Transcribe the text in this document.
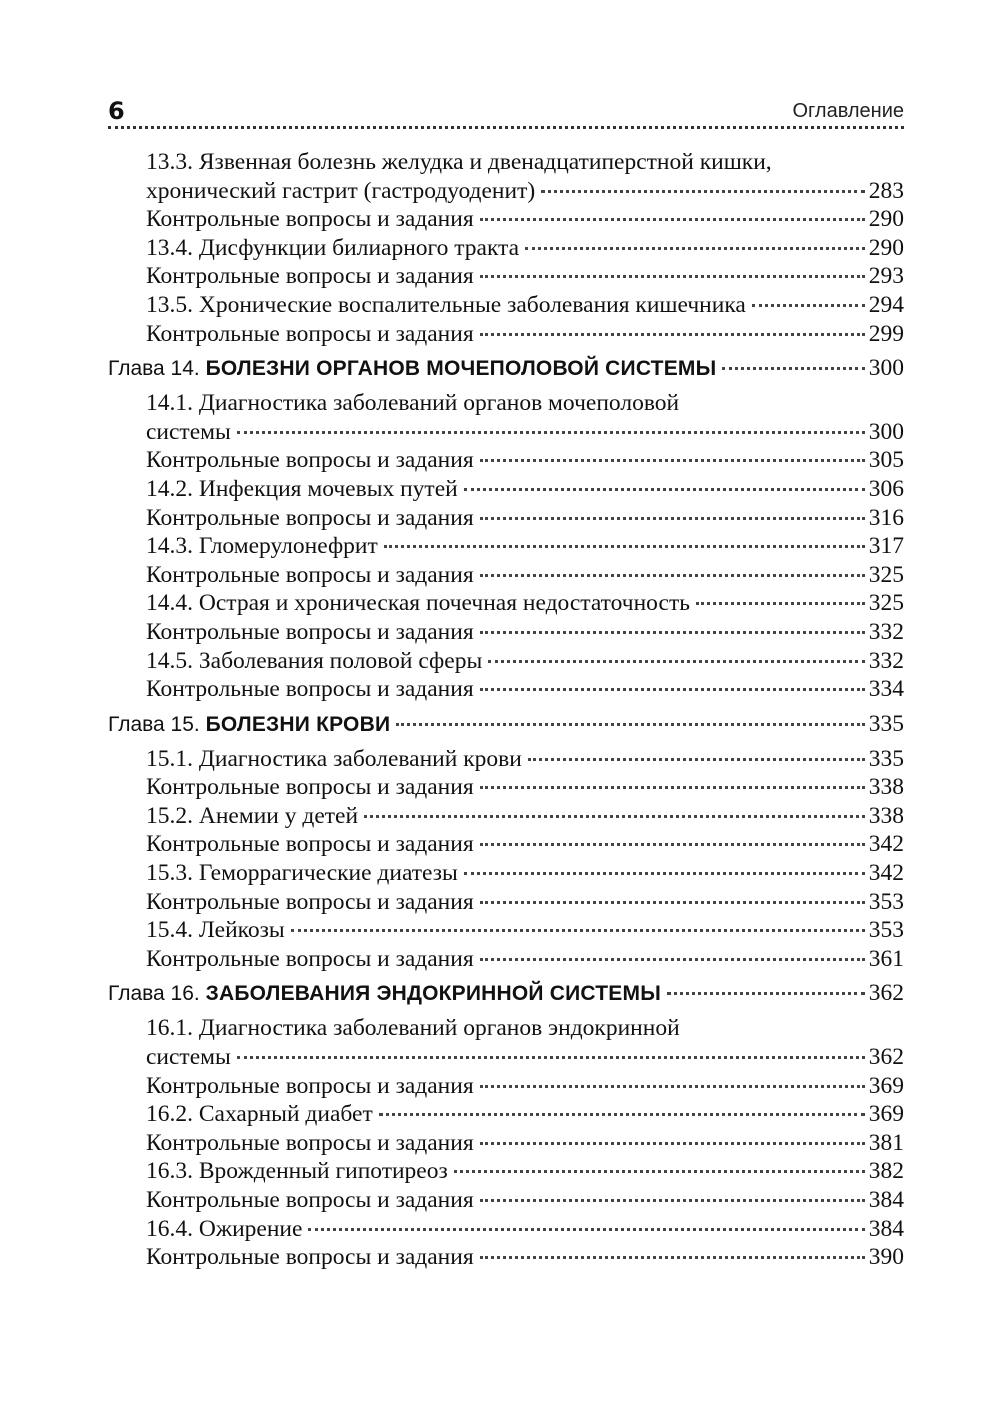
6	Оглавление
13.3. Язвенная болезнь желудка и двенадцатиперстной кишки,
хронический гастрит (гастродуоденит)	283
Контрольные вопросы и задания	290
13.4. Дисфункции билиарного тракта	290
Контрольные вопросы и задания	293
13.5. Хронические воспалительные заболевания кишечника	294
Контрольные вопросы и задания	299
Глава 14. БОЛЕЗНИ ОРГАНОВ МОЧЕПОЛОВОЙ СИСТЕМЫ	300
14.1. Диагностика заболеваний органов мочеполовой
системы	300
Контрольные вопросы и задания	305
14.2. Инфекция мочевых путей	306
Контрольные вопросы и задания	316
14.3. Гломерулонефрит	317
Контрольные вопросы и задания	325
14.4. Острая и хроническая почечная недостаточность	325
Контрольные вопросы и задания	332
14.5. Заболевания половой сферы	332
Контрольные вопросы и задания	334
Глава 15. БОЛЕЗНИ КРОВИ	335
15.1. Диагностика заболеваний крови	335
Контрольные вопросы и задания	338
15.2. Анемии у детей	338
Контрольные вопросы и задания	342
15.3. Геморрагические диатезы	342
Контрольные вопросы и задания	353
15.4. Лейкозы	353
Контрольные вопросы и задания	361
Глава 16. ЗАБОЛЕВАНИЯ ЭНДОКРИННОЙ СИСТЕМЫ	362
16.1. Диагностика заболеваний органов эндокринной
системы	362
Контрольные вопросы и задания	369
16.2. Сахарный диабет	369
Контрольные вопросы и задания	381
16.3. Врожденный гипотиреоз	382
Контрольные вопросы и задания	384
16.4. Ожирение	384
Контрольные вопросы и задания	390
